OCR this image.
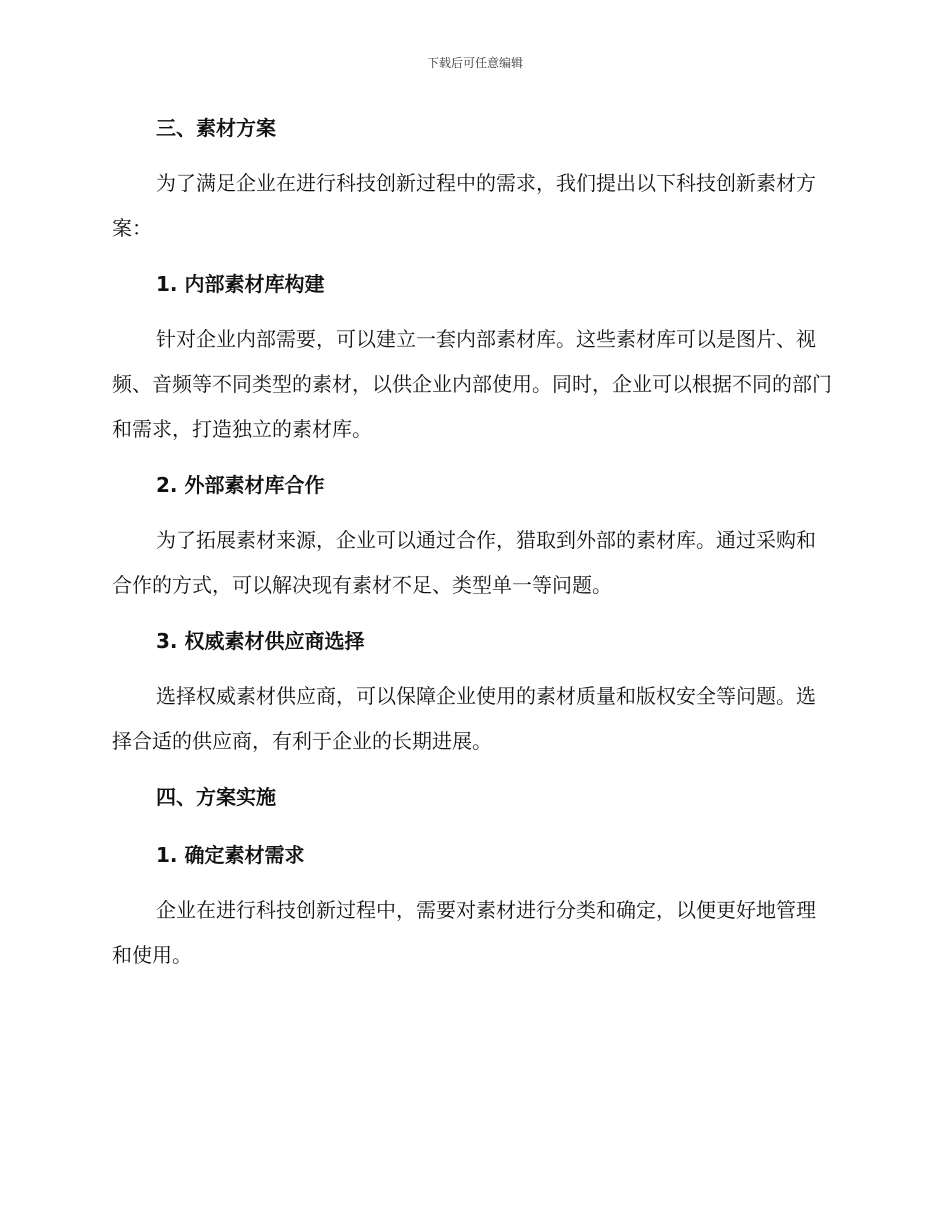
下载后可任意编辑
三、素材方案

为了满足企业在进行科技创新过程中的需求，我们提出以下科技创新素材方案：

1. 内部素材库构建

针对企业内部需要，可以建立一套内部素材库。这些素材库可以是图片、视频、音频等不同类型的素材，以供企业内部使用。同时，企业可以根据不同的部门和需求，打造独立的素材库。

2. 外部素材库合作

为了拓展素材来源，企业可以通过合作，猎取到外部的素材库。通过采购和合作的方式，可以解决现有素材不足、类型单一等问题。

3. 权威素材供应商选择

选择权威素材供应商，可以保障企业使用的素材质量和版权安全等问题。选择合适的供应商，有利于企业的长期进展。

四、方案实施
1. 确定素材需求

企业在进行科技创新过程中，需要对素材进行分类和确定，以便更好地管理和使用。
